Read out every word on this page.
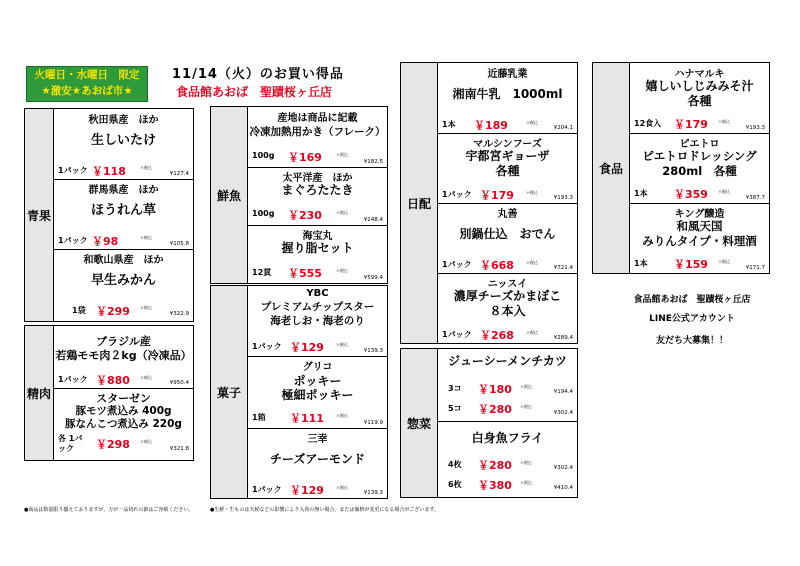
火曜日・水曜日　限定
★激安★あおば市★
11/14（火）のお買い得品
食品館あおば　聖蹟桜ヶ丘店
青果
秋田県産　ほか
生しいたけ
1パック ￥118	＊税込
¥127.4
群馬県産　ほか
ほうれん草
1パック ￥98	＊税込
¥105.8
和歌山県産　ほか
早生みかん
1袋 ￥299	＊税込
¥322.9
精肉
ブラジル産
若鶏モモ肉２kg（冷凍品）
1パック ￥880	＊税込
¥950.4
スターゼン
豚モツ煮込み 400g
豚なんこつ煮込み 220g
各 1パック	￥298	＊税込
¥321.8
鮮魚
産地は商品に記載
冷凍加熱用かき（フレーク）
100g ￥169	＊税込
¥182.5
太平洋産　ほか
まぐろたたき
100g ￥230	＊税込
¥248.4
海宝丸
握り脂セット
12貫 ￥555	＊税込
¥599.4
菓子
YBC
プレミアムチップスター
海老しお・海老のり
1パック ￥129	＊税込
¥139.3
グリコ
ポッキー
極細ポッキー
1箱 ￥111	＊税込
¥119.9
三幸
チーズアーモンド
1パック ￥129	＊税込
¥139.3
日配
近藤乳業
湘南牛乳　1000ml
1本 ￥189	＊税込
¥204.1
マルシンフーズ
宇都宮ギョーザ
各種
1パック ￥179	＊税込
¥193.3
丸善
別鍋仕込　おでん
1パック ￥668	＊税込
¥721.4
ニッスイ
濃厚チーズかまぼこ
８本入
1パック ￥268	＊税込
¥289.4
惣菜
ジューシーメンチカツ
3コ ￥180 ＊税込
¥194.4
5コ ￥280 ＊税込
¥302.4
白身魚フライ
4枚 ￥280 ＊税込
¥302.4
6枚 ￥380 ＊税込
¥410.4
食品
ハナマルキ
嬉しいしじみみそ汁
各種
12食入 ￥179	＊税込
¥193.3
ピエトロ
ピエトロドレッシング
280ml　各種
1本 ￥359	＊税込
¥387.7
キング醸造
和風天国
みりんタイプ・料理酒
1本 ￥159	＊税込
¥171.7
食品館あおば　聖蹟桜ヶ丘店
LINE公式アカウント
友だち大募集！！
●商品は数量限り揃えておりますが、万が一品切れの節はご容赦ください。	●生鮮・生ものは天候などの影響により入荷の無い場合、または価格が変更になる場合がございます。
